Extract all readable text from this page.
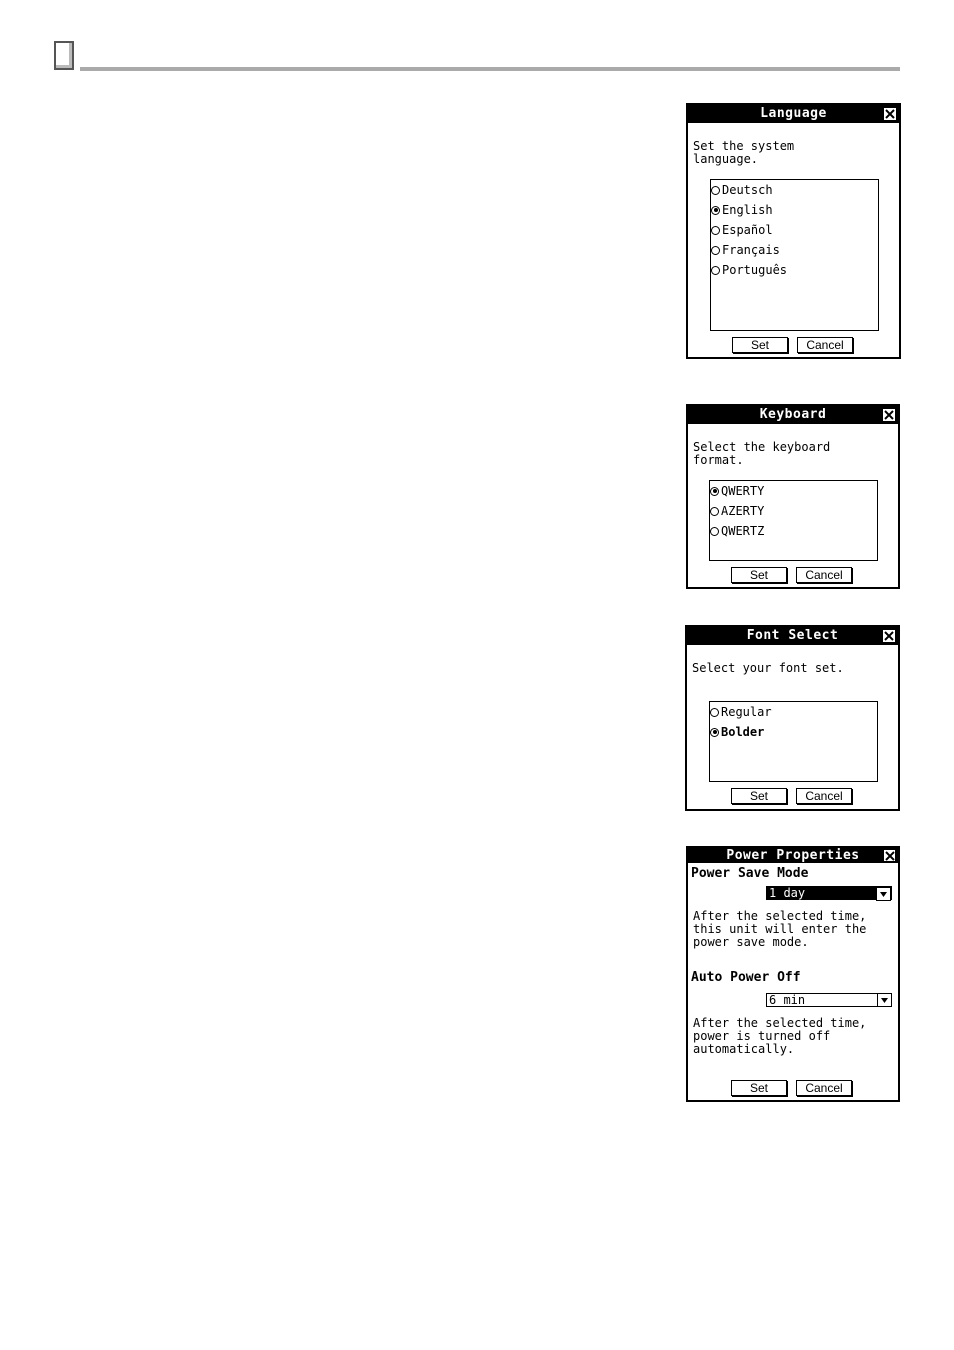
Language
Set the system
language.
Deutsch
English
Español
Français
Português
Set	Cancel
Keyboard
Select the keyboard
format.
QWERTY
AZERTY
QWERTZ
Set	Cancel
Font Select
Select your font set.
Regular
Bolder
Set	Cancel
Power Properties
Power Save Mode
1 day
After the selected time,
this unit will enter the
power save mode.
Auto Power Off
6 min
After the selected time,
power is turned off
automatically.
Set	Cancel
